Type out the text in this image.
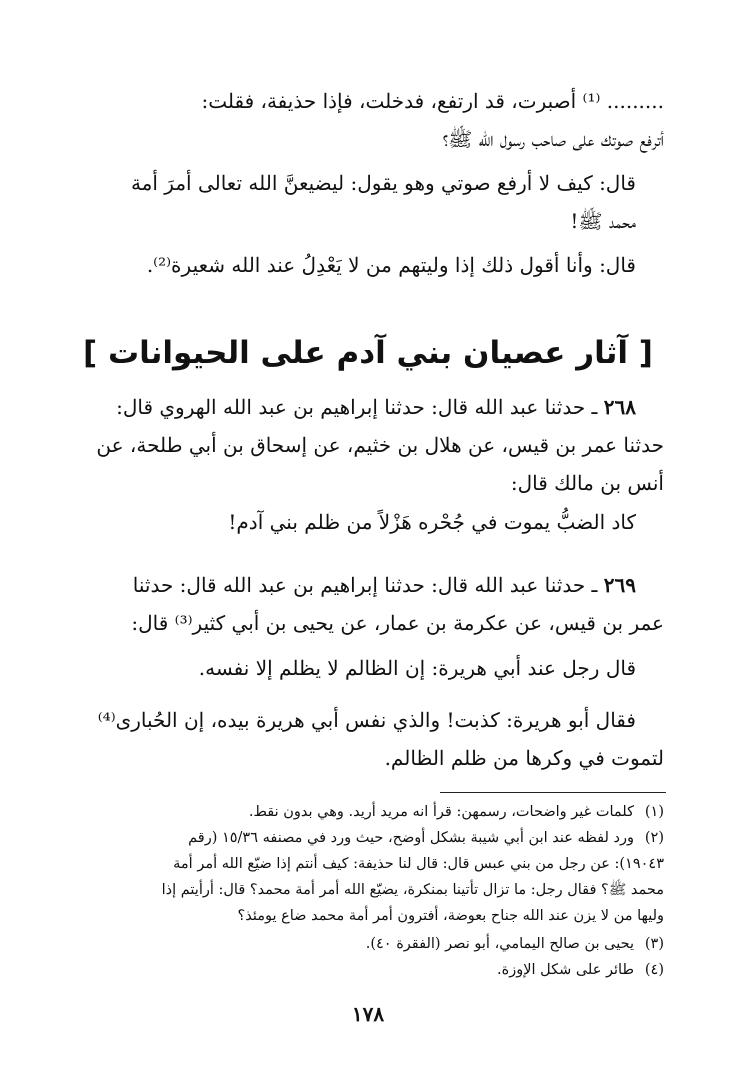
......... ⁽¹⁾ أصبرت، قد ارتفع، فدخلت، فإذا حذيفة، فقلت:
أترفع صوتك على صاحب رسول الله ﷺ؟
قال: كيف لا أرفع صوتي وهو يقول: ليضيعنَّ الله تعالى أمرَ أمة
محمد ﷺ!
قال: وأنا أقول ذلك إذا وليتهم من لا يَعْدِلُ عند الله شعيرة⁽²⁾.
[ آثار عصيان بني آدم على الحيوانات ]
٢٦٨ ـ حدثنا عبد الله قال: حدثنا إبراهيم بن عبد الله الهروي قال:
حدثنا عمر بن قيس، عن هلال بن خثيم، عن إسحاق بن أبي طلحة، عن
أنس بن مالك قال:
كاد الضبُّ يموت في جُحْره هَزْلاً من ظلم بني آدم!
٢٦٩ ـ حدثنا عبد الله قال: حدثنا إبراهيم بن عبد الله قال: حدثنا
عمر بن قيس، عن عكرمة بن عمار، عن يحيى بن أبي كثير⁽³⁾ قال:
قال رجل عند أبي هريرة: إن الظالم لا يظلم إلا نفسه.
فقال أبو هريرة: كذبت! والذي نفس أبي هريرة بيده، إن الحُبارى⁽⁴⁾
لتموت في وكرها من ظلم الظالم.
(١)كلمات غير واضحات، رسمهن: قرأ انه مريد أريد. وهي بدون نقط.
(٢)ورد لفظه عند ابن أبي شيبة بشكل أوضح، حيث ورد في مصنفه ١٥/٣٦ (رقم
١٩٠٤٣): عن رجل من بني عبس قال: قال لنا حذيفة: كيف أنتم إذا ضيّع الله أمر أمة
محمد ﷺ؟ فقال رجل: ما تزال تأتينا بمنكرة، يضيّع الله أمر أمة محمد؟ قال: أرأيتم إذا
وليها من لا يزن عند الله جناح بعوضة، أفترون أمر أمة محمد ضاع يومئذ؟
(٣)يحيى بن صالح اليمامي، أبو نصر (الفقرة ٤٠).
(٤)طائر على شكل الإوزة.
١٧٨
